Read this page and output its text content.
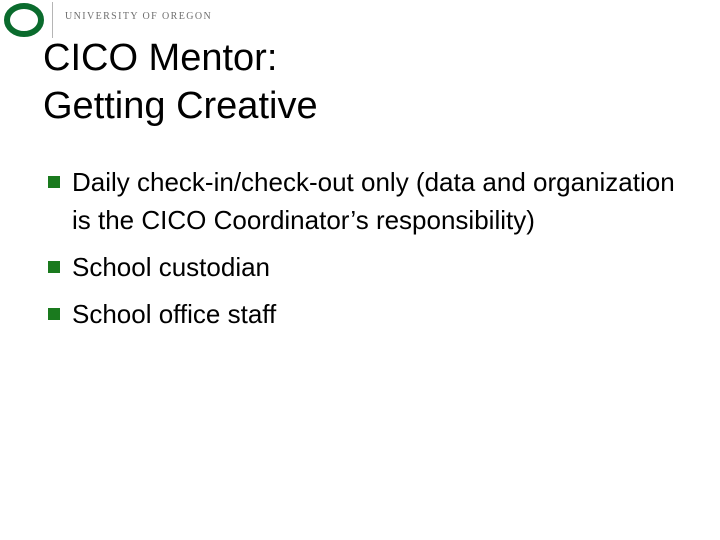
UNIVERSITY OF OREGON
CICO Mentor:
Getting Creative
Daily check-in/check-out only (data and organization is the CICO Coordinator’s responsibility)
School custodian
School office staff
